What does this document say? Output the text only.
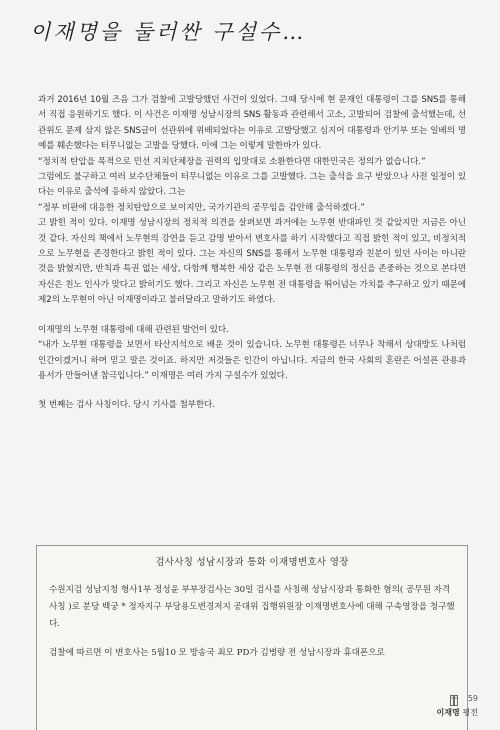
이재명을 둘러싼 구설수…

과거 2016년 10월 즈음 그가 검찰에 고발당했던 사건이 있었다. 그때 당시에 현 문재인 대통령이 그를 SNS를 통해서 직접 응원하기도 했다. 이 사건은 이재명 성남시장의 SNS 활동과 관련해서 고소, 고발되어 검찰에 출석했는데, 선관위도 문제 삼지 않은 SNS글이 선관위에 위배되었다는 이유로 고발당했고 심지어 대통령과 안기부 또는 일베의 명예를 훼손했다는 터무니없는 고발을 당했다. 이에 그는 이렇게 말한바가 있다.

“정치적 탄압을 목적으로 민선 지치단체장을 권력의 입맛대로 소환한다면 대한민국은 정의가 없습니다.”

그럼에도 불구하고 여러 보수단체들이 터무니없는 이유로 그를 고발했다. 그는 출석을 요구 받았으나 사전 일정이 있다는 이유로 출석에 응하지 않았다. 그는

“정부 비판에 대응한 정치탄압으로 보이지만, 국가기관의 공무임을 감안해 출석하겠다.”

고 밝힌 적이 있다. 이재명 성남시장의 정치적 의견을 살펴보면 과거에는 노무현 반대파인 것 같았지만 지금은 아닌 것 같다. 자신의 책에서 노무현의 강연을 듣고 감명 받아서 변호사를 하기 시작했다고 직접 밝힌 적이 있고, 비정치적으로 노무현을 존경한다고 밝힌 적이 있다. 그는 자신의 SNS를 통해서 노무현 대통령과 친분이 있던 사이는 아니란 것을 밝혔지만, 반칙과 특권 없는 세상, 다함께 행복한 세상 같은 노무현 전 대통령의 정신을 존중하는 것으로 본다면 자신은 친노 인사가 맞다고 밝히기도 했다. 그리고 자신은 노무현 전 대통령을 뛰어넘는 가치를 추구하고 있기 때문에 제2의 노무현이 아닌 이재명이라고 불러달라고 말하기도 하였다.

이재명의 노무현 대통령에 대해 관련된 발언이 있다.

“내가 노무현 대통령을 보면서 타산지석으로 배운 것이 있습니다. 노무현 대통령은 너무나 착해서 상대방도 나처럼 인간이겠거니 하며 믿고 말은 것이죠. 하지만 저것들은 인간이 아닙니다. 지금의 한국 사회의 혼란은 어설픈 관용과 용서가 만들어낸 참극입니다.” 이재명은 여러 가지 구설수가 있었다.

첫 번째는 검사 사칭이다. 당시 기사를 첨부한다.

검사사칭 성남시장과 통화 이재명변호사 영장

수원지검 성남지청 형사1부 정성윤 부부장검사는 30일 검사를 사칭해 성남시장과 통화한 혐의( 공무원 자격사칭 )로 분당 백궁 * 정자지구 부당용도변경저지 공대위 집행위원장 이재명변호사에 대해 구속영장을 청구했다.

검찰에 따르면 이 변호사는 5월10 모 방송국 최모 PD가 김병량 전 성남시장과 휴대폰으로

59
이재명 평전
